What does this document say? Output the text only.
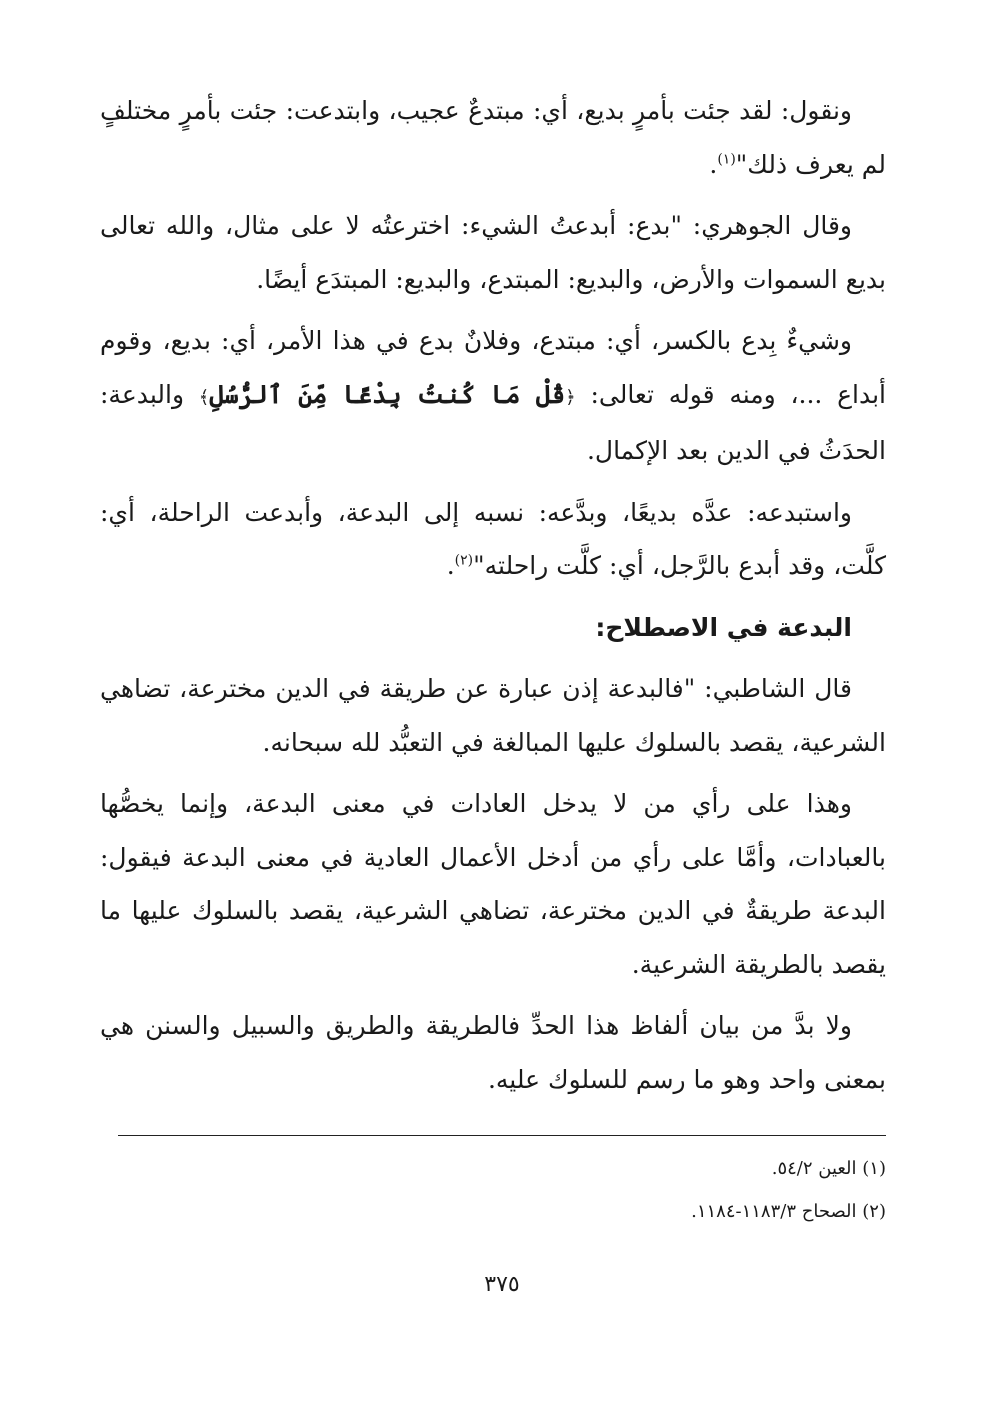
ونقول: لقد جئت بأمرٍ بديع، أي: مبتدعٌ عجيب، وابتدعت: جئت بأمرٍ مختلفٍ لم يعرف ذلك"$^{(١)}$.

وقال الجوهري: "بدع: أبدعتُ الشيء: اخترعتُه لا على مثال، والله تعالى بديع السموات والأرض، والبديع: المبتدع، والبديع: المبتدَع أيضًا.

وشيءٌ بِدع بالكسر، أي: مبتدع، وفلانٌ بدع في هذا الأمر، أي: بديع، وقوم أبداع ...، ومنه قوله تعالى: ﴿قُلْ مَا كُنتُ بِدْعًا مِّنَ ٱلرُّسُلِ﴾ والبدعة: الحدَثُ في الدين بعد الإكمال.

واستبدعه: عدَّه بديعًا، وبدَّعه: نسبه إلى البدعة، وأبدعت الراحلة، أي: كلَّت، وقد أبدع بالرَّجل، أي: كلَّت راحلته"$^{(٢)}$.

البدعة في الاصطلاح:

قال الشاطبي: "فالبدعة إذن عبارة عن طريقة في الدين مخترعة، تضاهي الشرعية، يقصد بالسلوك عليها المبالغة في التعبُّد لله سبحانه.

وهذا على رأي من لا يدخل العادات في معنى البدعة، وإنما يخصُّها بالعبادات، وأمَّا على رأي من أدخل الأعمال العادية في معنى البدعة فيقول: البدعة طريقةٌ في الدين مخترعة، تضاهي الشرعية، يقصد بالسلوك عليها ما يقصد بالطريقة الشرعية.

ولا بدَّ من بيان ألفاظ هذا الحدِّ فالطريقة والطريق والسبيل والسنن هي بمعنى واحد وهو ما رسم للسلوك عليه.

(١) العين ٥٤/٢.

(٢) الصحاح ١١٨٣/٣-١١٨٤.

٣٧٥
